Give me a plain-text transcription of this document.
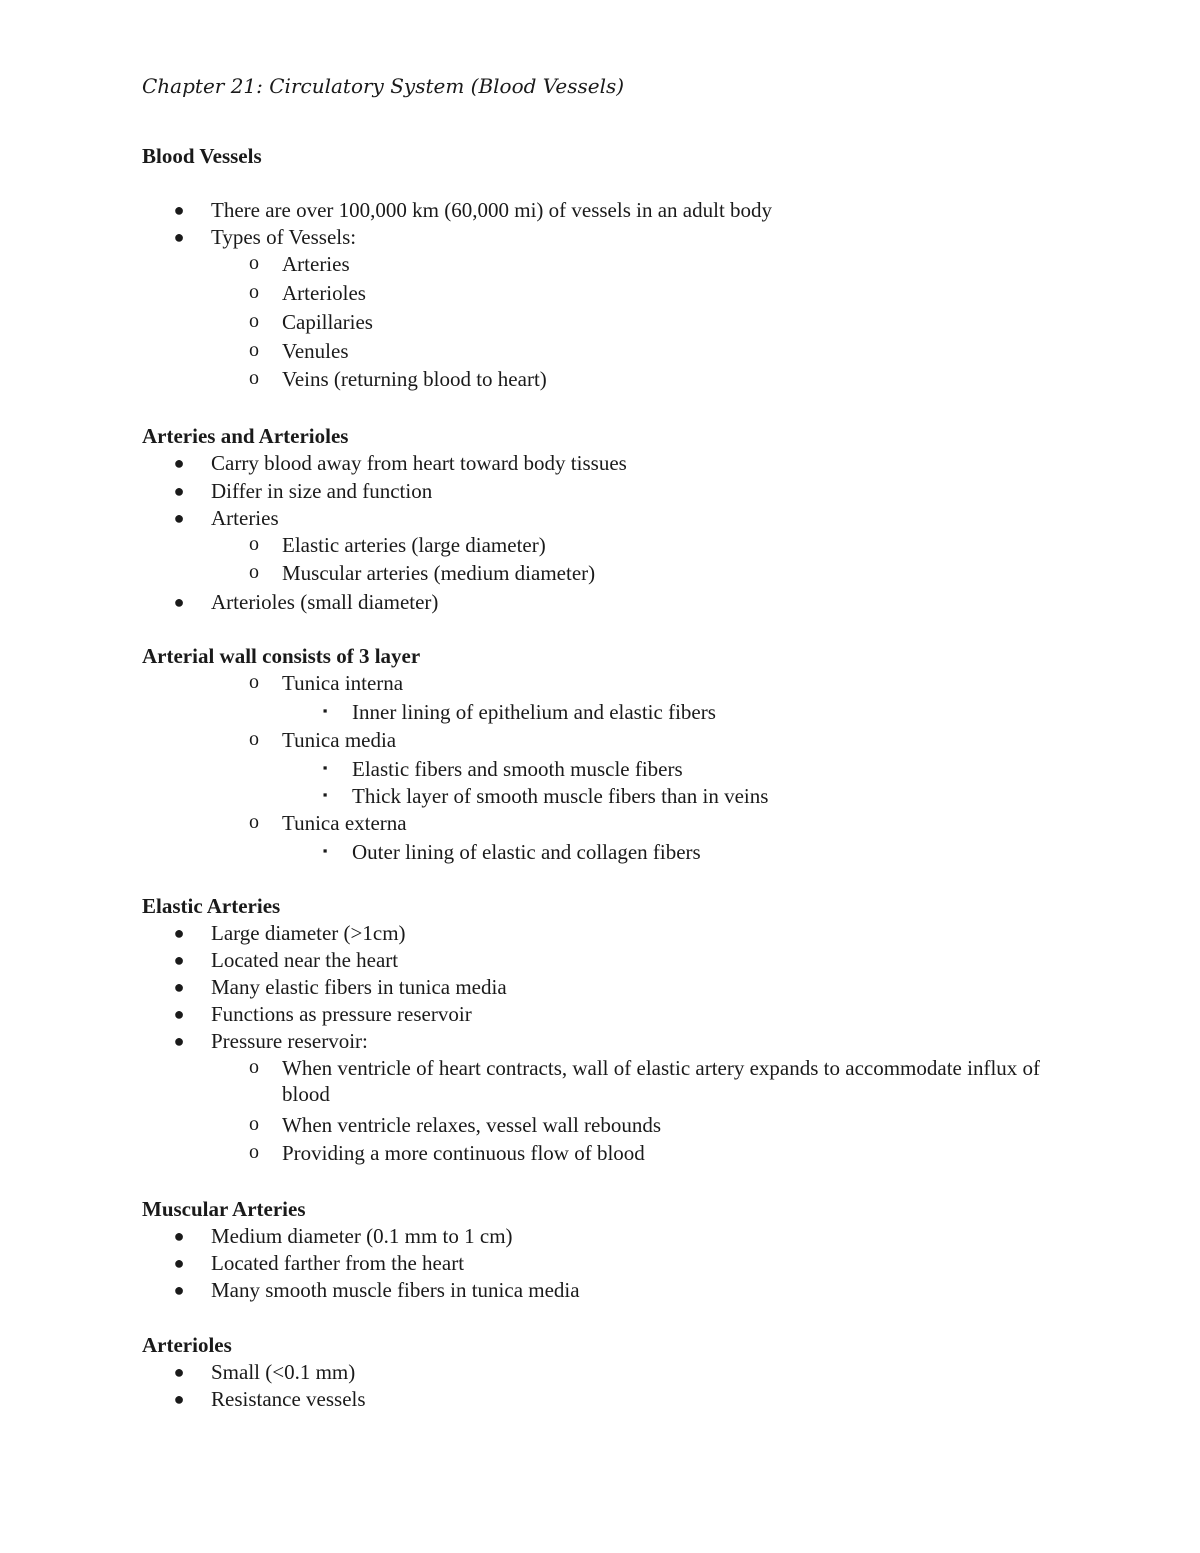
Chapter 21: Circulatory System (Blood Vessels)
Blood Vessels
● There are over 100,000 km (60,000 mi) of vessels in an adult body
● Types of Vessels:
o Arteries
o Arterioles
o Capillaries
o Venules
o Veins (returning blood to heart)
Arteries and Arterioles
● Carry blood away from heart toward body tissues
● Differ in size and function
● Arteries
o Elastic arteries (large diameter)
o Muscular arteries (medium diameter)
● Arterioles (small diameter)
Arterial wall consists of 3 layer
o Tunica interna
▪	Inner lining of epithelium and elastic fibers
o Tunica media
▪	Elastic fibers and smooth muscle fibers
▪	Thick layer of smooth muscle fibers than in veins
o Tunica externa
▪	Outer lining of elastic and collagen fibers
Elastic Arteries
● Large diameter (>1cm)
● Located near the heart
● Many elastic fibers in tunica media
● Functions as pressure reservoir
● Pressure reservoir:
o When ventricle of heart contracts, wall of elastic artery expands to accommodate influx of blood
o When ventricle relaxes, vessel wall rebounds
o Providing a more continuous flow of blood
Muscular Arteries
● Medium diameter (0.1 mm to 1 cm)
● Located farther from the heart
● Many smooth muscle fibers in tunica media
Arterioles
● Small (<0.1 mm)
● Resistance vessels
